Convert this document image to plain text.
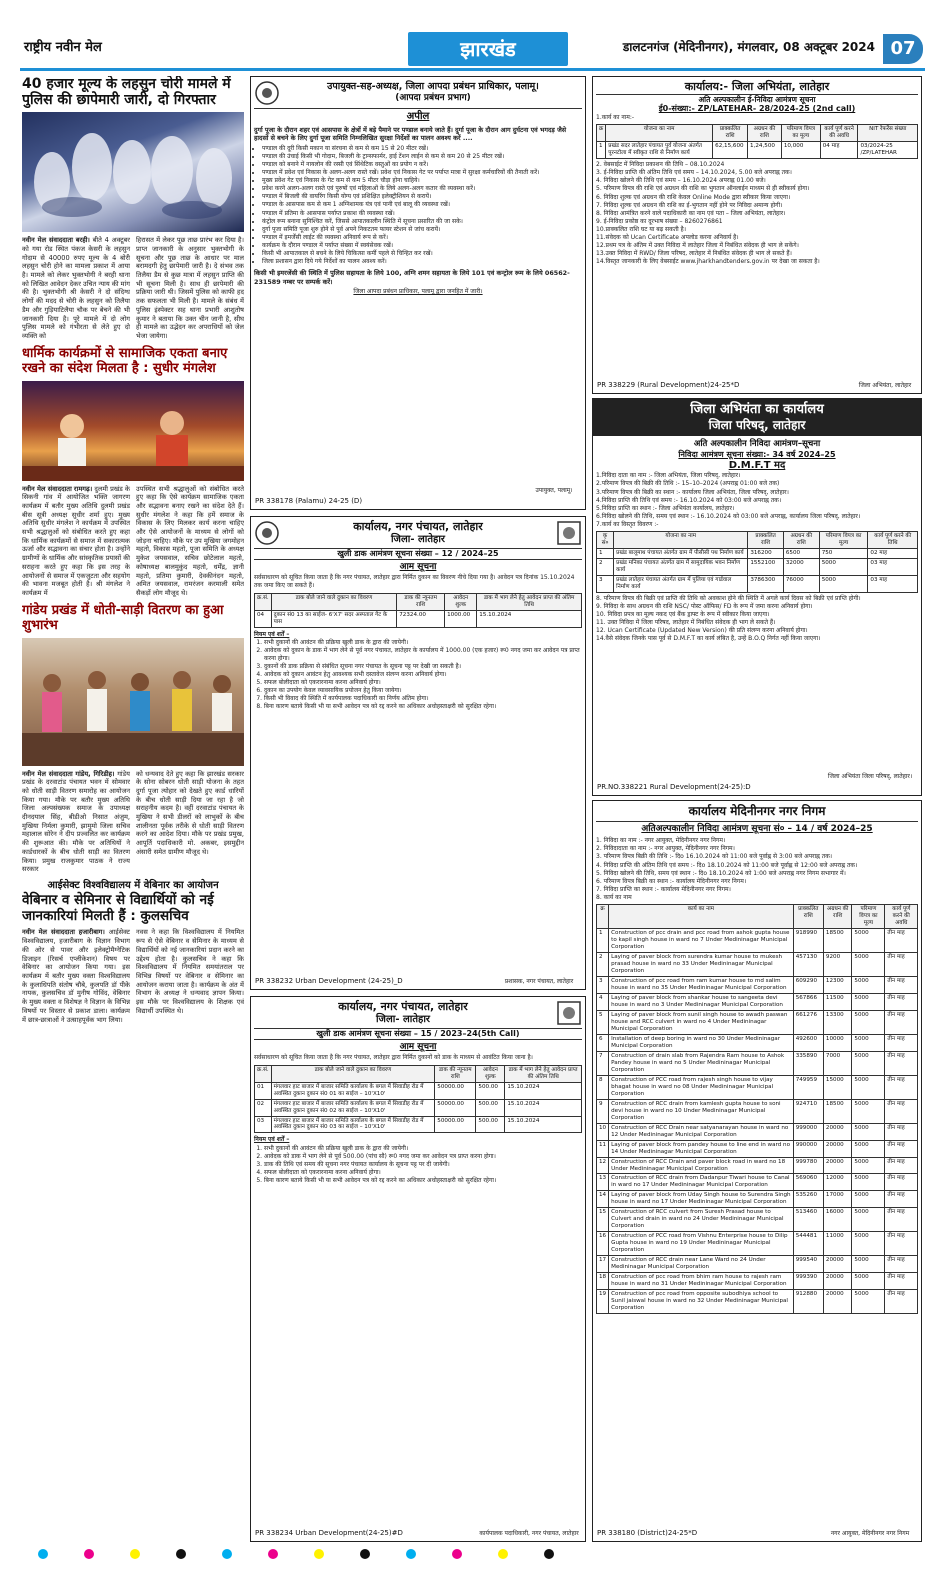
राष्ट्रीय नवीन मेल	झारखंड	डालटनगंज (मेदिनीनगर), मंगलवार, 08 अक्टूबर 2024 07
40 हजार मूल्य के लहसुन चोरी मामले में पुलिस की छापेमारी जारी, दो गिरफ्तार
नवीन मेल संवाददाता बरही। बीते 4 अक्टूबर को गया रोड स्थित पंकज केसरी के लहसुन गोदाम से 40000 रुपए मूल्य के 4 बोरी लहसुन चोरी होने का मामला प्रकाश में आया है। मामले को लेकर भुक्तभोगी ने बरही थाना को लिखित आवेदन देकर उचित न्याय की मांग की है। भुक्तभोगी श्री केसरी ने दो संदिग्ध लोगों की मदद से चोरी के लहसुन को तिलैया डैम और गुड़ियाटिलैया चौक पर बेचने की भी जानकारी दिया है। पूरे मामले में दो लोग पुलिस मामले को गंभीरता से लेते हुए दो व्यक्ति को
हिरासत में लेकर पूछ ताछ प्रारंभ कर दिया है। प्राप्त जानकारी के अनुसार भुक्तभोगी के सूचना और पूछ ताछ के आधार पर माल बरामदगी हेतु छापेमारी जारी है। दे संभव तक तिलैया डैम से कुछ मात्रा में लहसुन प्राप्ति की भी सूचना मिली है। साथ ही छापेमारी की प्रक्रिया जारी थी। जिसमें पुलिस को काफी हद तक सफलता भी मिली है। मामले के संबंध में पुलिस इंस्पेक्टर सह थाना प्रभारी आशुतोष कुमार ने बताया कि उक्त चीन जानी है, सीघ ही मामले का उद्भेदन कर अपराधियों को जेल भेजा जायेगा।
धार्मिक कार्यक्रमों से सामाजिक एकता बनाए रखने का संदेश मिलता है : सुधीर मंगलेश
नवीन मेल संवाददाता रामगढ़। दुलमी प्रखंड के सिकनी गांव में आयोजित भक्ति जागरण कार्यक्रम में बतौर मुख्य अतिथि दुलमी प्रखंड बीस सूत्री अध्यक्ष सुधीर शर्मा हुए। मुख्य अतिथि सुधीर मंगलेश ने कार्यक्रम में उपस्थित सभी श्रद्धालुओं को संबोधित करते हुए कहा कि धार्मिक कार्यक्रमों से समाज में सकारात्मक ऊर्जा और सद्भावना का संचार होता है। उन्होंने ग्रामीणों के धार्मिक और सांस्कृतिक प्रयासों की सराहना करते हुए कहा कि इस तरह के आयोजनों से समाज में एकजुटता और सहयोग की भावना मजबूत होती है। श्री मंगलेश ने कार्यक्रम में
उपस्थित सभी श्रद्धालुओं को संबोधित करते हुए कहा कि ऐसे कार्यक्रम सामाजिक एकता और सद्भावना बनाए रखने का संदेश देते हैं। सुधीर मंगलेश ने कहा कि हमें समाज के विकास के लिए मिलकर कार्य करना चाहिए और ऐसे आयोजनों के माध्यम से लोगों को जोड़ना चाहिए। मौके पर उप मुखिया जगमोहन महतो, विकास महतो, पूजा समिति के अध्यक्ष मुकेश जयसवाल, सचिव छोटेलाल महतो, कोषाध्यक्ष बालमुकुंद महतो, धर्मेंद्र, ज्ञानी महतो, प्रतिमा कुमारी, देवकीनंदन महतो, अमित जयसवाल, रामरंजन करमाली समेत सैकड़ों लोग मौजूद थे।
गांडेय प्रखंड में धोती-साड़ी वितरण का हुआ शुभारंभ
नवीन मेल संवाददाता गांडेय, गिरिडीह। गांडेय प्रखंड के दरवाटांड पंचायत भवन में सोमवार को धोती साड़ी वितरण समारोह का आयोजन किया गया। मौके पर बतौर मुख्य अतिथि जिला अल्पसंख्यक समाज के उपाध्यक्ष दीनदयाल सिंह, बीडीओ निसात अंजुम, मुखिया निर्मला कुमारी, झामुमो जिला सचिव महालाल सोरेन ने दीप प्रज्वलित कर कार्यक्रम की शुरूआत की। मौके पर अतिथियों ने कार्डधारकों के बीच धोती साड़ी का वितरण किया। प्रमुख राजकुमार पाठक ने राज्य सरकार
को धन्यवाद देते हुए कहा कि झारखंड सरकार के सोना सोबरन धोती साड़ी योजना के तहत दुर्गा पूजा त्योहार को देखते हुए कार्ड धारियों के बीच धोती साड़ी दिया जा रहा है जो सराहनीय कदम है। वहीं दरवाटांड पंचायत के मुखिया ने सभी डीलरों को लाभुकों के बीच शालीनता पूर्वक तरीके से धोती साड़ी वितरण करने का आदेश दिया। मौके पर प्रखंड प्रमुख, आपूर्ति पदाधिकारी मो. अकबर, इसमुद्दीन अंसारी समेत ग्रामीण मौजूद थे।
आईसेक्ट विश्वविद्यालय में वेबिनार का आयोजन
वेबिनार व सेमिनार से विद्यार्थियों को नई जानकारियां मिलती हैं : कुलसचिव
नवीन मेल संवाददाता हजारीबाग। आईसेक्ट विश्वविद्यालय, हजारीबाग के विज्ञान विभाग की ओर से पावर और इलेक्ट्रोमैग्नेटिक डिजाइन (रिसर्च एप्लीकेशन) विषय पर वेबिनार का आयोजन किया गया। इस कार्यक्रम में बतौर मुख्य वक्ता विश्वविद्यालय के कुलाधिपति संतोष चौबे, कुलपति डॉ पीके नायक, कुलसचिव डॉ मुनीष गोविंद, वेबिनार के मुख्य वक्ता व विशेषज्ञ ने विज्ञान के विभिन्न विषयों पर विस्तार से प्रकाश डाला। कार्यक्रम में छात्र-छात्राओं ने उत्साहपूर्वक भाग लिया।
नवस ने कहा कि विश्वविद्यालय में नियमित रूप से ऐसे वेबिनार व सेमिनार के माध्यम से विद्यार्थियों को नई जानकारियां प्रदान करने का उद्देश्य होता है। कुलसचिव ने कहा कि विश्वविद्यालय में नियमित समयांतराल पर विभिन्न विषयों पर वेबिनार व सेमिनार का आयोजन कराया जाता है। कार्यक्रम के अंत में विभाग के अध्यक्ष ने धन्यवाद ज्ञापन किया। इस मौके पर विश्वविद्यालय के शिक्षक एवं विद्यार्थी उपस्थित थे।
उपायुक्त-सह-अध्यक्ष, जिला आपदा प्रबंधन प्राधिकार, पलामू।
(आपदा प्रबंधन प्रभाग)
अपील
दुर्गा पूजा के दौरान शहर एवं आसपास के क्षेत्रों में बड़े पैमाने पर पण्डाल बनाये जाते हैं। दुर्गा पूजा के दौरान आग दुर्घटना एवं भगदड़ जैसे हादसों से बचने के लिए दुर्गा पूजा समिति निम्नलिखित सुरक्षा निर्देशों का पालन अवश्य करें ....
• पण्डाल की दूरी किसी मकान या संरचना से कम से कम 15 से 20 मीटर रखें।
• पण्डाल की उंचाई किसी भी गोदाम, बिजली के ट्रान्सफार्मर, हाई टेंशन लाईन से कम से कम 20 से 25 मीटर रखें।
• पण्डाल को बनाने में नायलोन की रस्सी एवं सिंथेटिक वस्तुओं का प्रयोग न करें।
• पण्डाल में प्रवेश एवं निकास के अलग-अलग रास्ते रखें। प्रवेश एवं निकास गेट पर पर्याप्त मात्रा में सुरक्षा कर्मचारियों की तैनाती करें।
• मुख्य प्रवेश गेट एवं निकास के गेट कम से कम 5 मीटर चौड़ा होना चाहिये।
• प्रवेश करने अलग-अलग रास्ते एवं पुरुषों एवं महिलाओं के लिये अलग-अलग कतार की व्यवस्था करें।
• पण्डाल में बिजली की वायरिंग किसी योग्य एवं प्रशिक्षित इलेक्ट्रीशियन से करायें।
• पण्डाल के आसपास कम से कम 1 अग्निशामक यंत्र एवं पानी एवं बालू की व्यवस्था रखें।
• पण्डाल में प्रतिमा के आसपास पर्याप्त प्रकाश की व्यवस्था रखें।
• कंट्रोल रूम बनाना सुनिश्चित करें, जिससे आपातकालीन स्थिति में सूचना प्रसारित की जा सके।
• दुर्गा पूजा समिति पूजा शुरु होने से पूर्व अपने निकटतम फायर स्टेशन से जांच करायें।
• पण्डाल में इमर्जेंसी लाईट की व्यवस्था अनिवार्य रूप से करें।
• कार्यक्रम के दौरान पण्डाल में पर्याप्त संख्या में स्वयंसेवक रखें।
• किसी भी आपातकाल से बचने के लिये चिकित्सा कर्मी पहले से चिन्हित कर रखें।
• जिला प्रशासन द्वारा दिये गये निर्देशों का पालन अवश्य करें।
किसी भी इमरजेंसी की स्थिति में पुलिस सहायता के लिये 100, अग्नि शमन सहायता के लिये 101 एवं कन्ट्रोल रूम के लिये 06562-231589 नम्बर पर सम्पर्क करें।
जिला आपदा प्रबंधन प्राधिकार, पलामू द्वारा जनहित में जारी।
उपायुक्त, पलामू।
PR 338178 (Palamu) 24-25 (D)
कार्यालय, नगर पंचायत, लातेहार
जिला- लातेहार
खुली डाक आमंत्रण सूचना संख्या – 12 / 2024–25
आम सूचना
सर्वसाधारण को सूचित किया जाता है कि नगर पंचायत, लातेहार द्वारा निर्मित दुकान का विवरण नीचे दिया गया है। आवेदन पत्र दिनांक 15.10.2024 तक जमा किए जा सकते हैं।
क्र.सं.	डाक बोले जाने वाले दुकान का विवरण	डाक की न्यूनतम राशि	आवेदन शुल्क	डाक में भाग लेने हेतु आवेदन प्राप्त की अंतिम तिथि
04	दुकान सं0 13 का साईज- 6'X7' सदर अस्पताल गेट के पास	72324.00	1000.00	15.10.2024
नियम एवं शर्तें –
1. सभी दुकानों की आवंटन की प्रक्रिया खुली डाक के द्वारा की जायेगी।
2. आवेदक को दुकान के डाक में भाग लेने से पूर्व नगर पंचायत, लातेहार के कार्यालय में 1000.00 (एक हजार) रू0 नगद जमा कर आवेदन पत्र प्राप्त करना होगा।
3. दुकानों की डाक प्रक्रिया से संबंधित सूचना नगर पंचायत के सूचना पट्ट पर देखी जा सकती है।
4. आवेदक को दुकान आवंटन हेतु आवश्यक सभी दस्तावेज संलग्न करना अनिवार्य होगा।
5. सफल बोलीदाता को एकरारनामा करना अनिवार्य होगा।
6. दुकान का उपयोग केवल व्यावसायिक प्रयोजन हेतु किया जायेगा।
7. किसी भी विवाद की स्थिति में कार्यपालक पदाधिकारी का निर्णय अंतिम होगा।
8. बिना कारण बताये किसी भी या सभी आवेदन पत्र को रद्द करने का अधिकार अधोहस्ताक्षरी को सुरक्षित रहेगा।
प्रशासक, नगर पंचायत, लातेहार
PR 338232 Urban Development (24-25)_D
कार्यालय, नगर पंचायत, लातेहार
जिला- लातेहार
खुली डाक आमंत्रण सूचना संख्या – 15 / 2023–24(5th Call)
आम सूचना
सर्वसाधारण को सूचित किया जाता है कि नगर पंचायत, लातेहार द्वारा निर्मित दुकानों को डाक के माध्यम से आवंटित किया जाना है।
क्र.सं.	डाक बोले जाने वाले दुकान का विवरण	डाक की न्यूनतम राशि	आवेदन शुल्क	डाक में भाग लेने हेतु आवेदन प्राप्त की अंतिम तिथि
01	मंगलवार हाट बाजार में बाजार समिति कार्यालय के बगल में सिवाडीह रोड में अवस्थित दुकान दुकान सं0 01 का साईज – 10'X10'	50000.00	500.00	15.10.2024
02	मंगलवार हाट बाजार में बाजार समिति कार्यालय के बगल में सिवाडीह रोड में अवस्थित दुकान दुकान सं0 02 का साईज – 10'X10'	50000.00	500.00	15.10.2024
03	मंगलवार हाट बाजार में बाजार समिति कार्यालय के बगल में सिवाडीह रोड में अवस्थित दुकान दुकान सं0 03 का साईज – 10'X10'	50000.00	500.00	15.10.2024
नियम एवं शर्तें –
1. सभी दुकानों की आवंटन की प्रक्रिया खुली डाक के द्वारा की जायेगी।
2. आवेदक को डाक में भाग लेने से पूर्व 500.00 (पांच सौ) रू0 नगद जमा कर आवेदन पत्र प्राप्त करना होगा।
3. डाक की तिथि एवं समय की सूचना नगर पंचायत कार्यालय के सूचना पट्ट पर दी जायेगी।
4. सफल बोलीदाता को एकरारनामा करना अनिवार्य होगा।
5. बिना कारण बताये किसी भी या सभी आवेदन पत्र को रद्द करने का अधिकार अधोहस्ताक्षरी को सुरक्षित रहेगा।
कार्यपालक पदाधिकारी, नगर पंचायत, लातेहार
PR 338234 Urban Development(24-25)#D
कार्यालय:- जिला अभियंता, लातेहार
अति अल्पकालीन ई-निविदा आमंत्रण सूचना
ई0-संख्या:- ZP/LATEHAR- 28/2024-25 (2nd call)
1.कार्य का नाम:-
क्र	योजना का नाम	प्राक्कलित राशि	अग्रधन की राशि	परिमाण विपत्र का मूल्य	कार्य पूर्ण करने की अवधि	NIT रेफरेंस संख्या
1	प्रखंड सदर लातेहार पंचायत पुर्व योजना अंतर्गत पूरनटोला में स्वीकृत राशि से निर्माण कार्य	62,15,600	1,24,500	10,000	04 माह	03/2024-25 /ZP/LATEHAR
2. वेबसाईट में निविदा प्रकाशन की तिथि – 08.10.2024
3. ई-निविदा प्राप्ति की अंतिम तिथि एवं समय – 14.10.2024, 5.00 बजे अपराह्न तक।
4. निविदा खोलने की तिथि एवं समय – 16.10.2024 अपराह्न 01.00 बजे।
5. परिमाण विपत्र की राशि एवं अग्रधन की राशि का भुगतान ऑनलाईन माध्यम से ही स्वीकार्य होगा।
6. निविदा शुल्क एवं अग्रधन की राशि केवल Online Mode द्वारा स्वीकार किया जाएगा।
7. निविदा शुल्क एवं अग्रधन की राशि का ई-भुगतान नहीं होने पर निविदा अमान्य होगी।
8. निविदा आमंत्रित करने वाले पदाधिकारी का नाम एवं पता – जिला अभियंता, लातेहार।
9. ई-निविदा प्रकोष्ठ का दूरभाष संख्या – 8260276861
10.प्राक्कलित राशि घट या बढ़ सकती है।
11.संवेदक को Ucan Certificate अपलोड करना अनिवार्य है।
12.प्रथम पत्र के अंतिम में उक्त निविदा में लातेहार जिला में निबंधित संवेदक ही भाग ले सकेंगे।
13.उक्त निविदा में RWD/ जिला परिषद, लातेहार में निबंधित संवेदक ही भाग ले सकते हैं।
14.विस्तृत जानकारी के लिए वेबसाईट www.jharkhandtenders.gov.in पर देखा जा सकता है।
जिला अभियंता, लातेहार
PR 338229 (Rural Development)24-25*D
जिला अभियंता का कार्यालय
जिला परिषद्, लातेहार
अति अल्पकालीन निविदा आमंत्रण–सूचना
निविदा आमंत्रण सूचना संख्या:- 34 वर्ष 2024–25
D.M.F.T मद
1.निविदा दाता का नाम :- जिला अभियंता, जिला परिषद्, लातेहार।
2.परिमाण विपत्र की बिक्री की तिथि :- 15–10–2024 (अपराह्न 01:00 बजे तक)
3.परिमाण विपत्र की बिक्री का स्थान :- कार्यालय जिला अभियंता, जिला परिषद्, लातेहार।
4.निविदा प्राप्ति की तिथि एवं समय :- 16.10.2024 को 03:00 बजे अपराह्न तक।
5.निविदा प्राप्ति का स्थान :- जिला अभियंता कार्यालय, लातेहार।
6.निविदा खोलने की तिथि, समय एवं स्थान :- 16.10.2024 को 03:00 बजे अपराह्न, कार्यालय जिला परिषद्, लातेहार।
7.कार्य का विस्तृत विवरण :-
कृ सं०	योजना का नाम	प्राक्कलित राशि	अग्रधन की राशि	परिमाण विपत्र का मूल्य	कार्य पूर्ण करने की तिथि
1	प्रखंड बालूमाथ पंचायत अंतर्गत ग्राम में पीसीसी पथ निर्माण कार्य	316200	6500	750	02 माह
2	प्रखंड मनिका पंचायत अंतर्गत ग्राम में सामुदायिक भवन निर्माण कार्य	1552100	32000	5000	03 माह
3	प्रखंड लातेहार पंचायत अंतर्गत ग्राम में पुलिया एवं गार्डवाल निर्माण कार्य	3786300	76000	5000	03 माह
8. परिमाण विपत्र की बिक्री एवं प्राप्ति की तिथि को अवकाश होने की स्थिति में अगले कार्य दिवस को बिक्री एवं प्राप्ति होगी।
9. निविदा के साथ अग्रधन की राशि NSC/ पोस्ट ऑफिस/ FD के रूप में जमा करना अनिवार्य होगा।
10. निविदा प्रपत्र का मूल्य नकद एवं बैंक ड्राफ्ट के रूप में स्वीकार किया जाएगा।
11. उक्त निविदा में जिला परिषद, लातेहार में निबंधित संवेदक ही भाग ले सकते हैं।
12. Ucan Certificate (Updated New Version) की प्रति संलग्न करना अनिवार्य होगा।
14.वैसे संवेदक जिनके पास पूर्व से D.M.F.T का कार्य लंबित है, उन्हें B.O.Q निर्गत नहीं किया जाएगा।
जिला अभियंता जिला परिषद्, लातेहार।
PR.NO.338221 Rural Development(24-25):D
कार्यालय मेदिनीनगर नगर निगम
अतिअल्पकालीन निविदा आमंत्रण सूचना सं० – 14 / वर्ष 2024–25
1. निविदा का नाम :- नगर आयुक्त, मेदिनीनगर नगर निगम।
2. निविदादाता का नाम :- नगर आयुक्त, मेदिनीनगर नगर निगम।
3. परिमाण विपत्र बिक्री की तिथि :- दिo 16.10.2024 को 11:00 बजे पूर्वाह्न से 3:00 बजे अपराह्न तक।
4. निविदा प्राप्ति की अंतिम तिथि एवं समय :- दिo 18.10.2024 को 11:00 बजे पूर्वाह्न से 12:00 बजे अपराह्न तक।
5. निविदा खोलने की तिथि, समय एवं स्थान :- दिo 18.10.2024 को 1:00 बजे अपराह्न नगर निगम सभागार में।
6. परिमाण विपत्र बिक्री का स्थान :- कार्यालय मेदिनीनगर नगर निगम।
7. निविदा प्राप्ति का स्थान :- कार्यालय मेदिनीनगर नगर निगम।
8. कार्य का नाम
क्र	कार्य का नाम	प्राक्कलित राशि	अग्रधन की राशि	परिमाण विपत्र का मूल्य	कार्य पूर्ण करने की अवधि
1	Construction of pcc drain and pcc road from ashok gupta house to kapil singh house in ward no 7 Under Medininagar Municipal Corporation	918990	18500	5000	तीन माह
2	Laying of paver block from surendra kumar house to mukesh prasad house in ward no 33 Under Medininagar Municipal Corporation	457130	9200	5000	तीन माह
3	Construction of pcc road from ram kumar house to md salim house in ward no 35 Under Medininagar Municipal Corporation	609290	12300	5000	तीन माह
4	Laying of paver block from shankar house to sangeeta devi house in ward no 3 Under Medininagar Municipal Corporation	567866	11500	5000	तीन माह
5	Laying of paver block from sunil singh house to awadh paswan house and RCC culvert in ward no 4 Under Medininagar Municipal Corporation	661276	13300	5000	तीन माह
6	Installation of deep boring in ward no 30 Under Medininagar Municipal Corporation	492600	10000	5000	तीन माह
7	Construction of drain slab from Rajendra Ram house to Ashok Pandey house in ward no 5 Under Medininagar Municipal Corporation	335890	7000	5000	तीन माह
8	Construction of PCC road from rajesh singh house to vijay bhagat house in ward no 08 Under Medininagar Municipal Corporation	749959	15000	5000	तीन माह
9	Construction of RCC drain from kamlesh gupta house to soni devi house in ward no 10 Under Medininagar Municipal Corporation	924710	18500	5000	तीन माह
10	Construction of RCC Drain near satyanarayan house in ward no 12 Under Medininagar Municipal Corporation	999000	20000	5000	तीन माह
11	Laying of paver block from pandey house to line end in ward no 14 Under Medininagar Municipal Corporation	990000	20000	5000	तीन माह
12	Construction of RCC Drain and paver block road in ward no 18 Under Medininagar Municipal Corporation	999780	20000	5000	तीन माह
13	Construction of RCC drain from Dadanpur Tiwari house to Canal in ward no 17 Under Medininagar Municipal Corporation	569060	12000	5000	तीन माह
14	Laying of paver block from Uday Singh house to Surendra Singh house in ward no 17 Under Medininagar Municipal Corporation	535260	17000	5000	तीन माह
15	Construction of RCC culvert from Suresh Prasad house to Culvert and drain in ward no 24 Under Medininagar Municipal Corporation	513460	16000	5000	तीन माह
16	Construction of PCC road from Vishnu Enterprise house to Dilip Gupta house in ward no 19 Under Medininagar Municipal Corporation	544481	11000	5000	तीन माह
17	Construction of RCC drain near Lane Ward no 24 Under Medininagar Municipal Corporation	999540	20000	5000	तीन माह
18	Construction of pcc road from bhim ram house to rajesh ram house in ward no 31 Under Medininagar Municipal Corporation	999390	20000	5000	तीन माह
19	Construction of pcc road from opposite subodhiya school to Sunil jaiswal house in ward no 32 Under Medininagar Municipal Corporation	912880	20000	5000	तीन माह
नगर आयुक्त, मेदिनीनगर नगर निगम
PR 338180 (District)24-25*D
